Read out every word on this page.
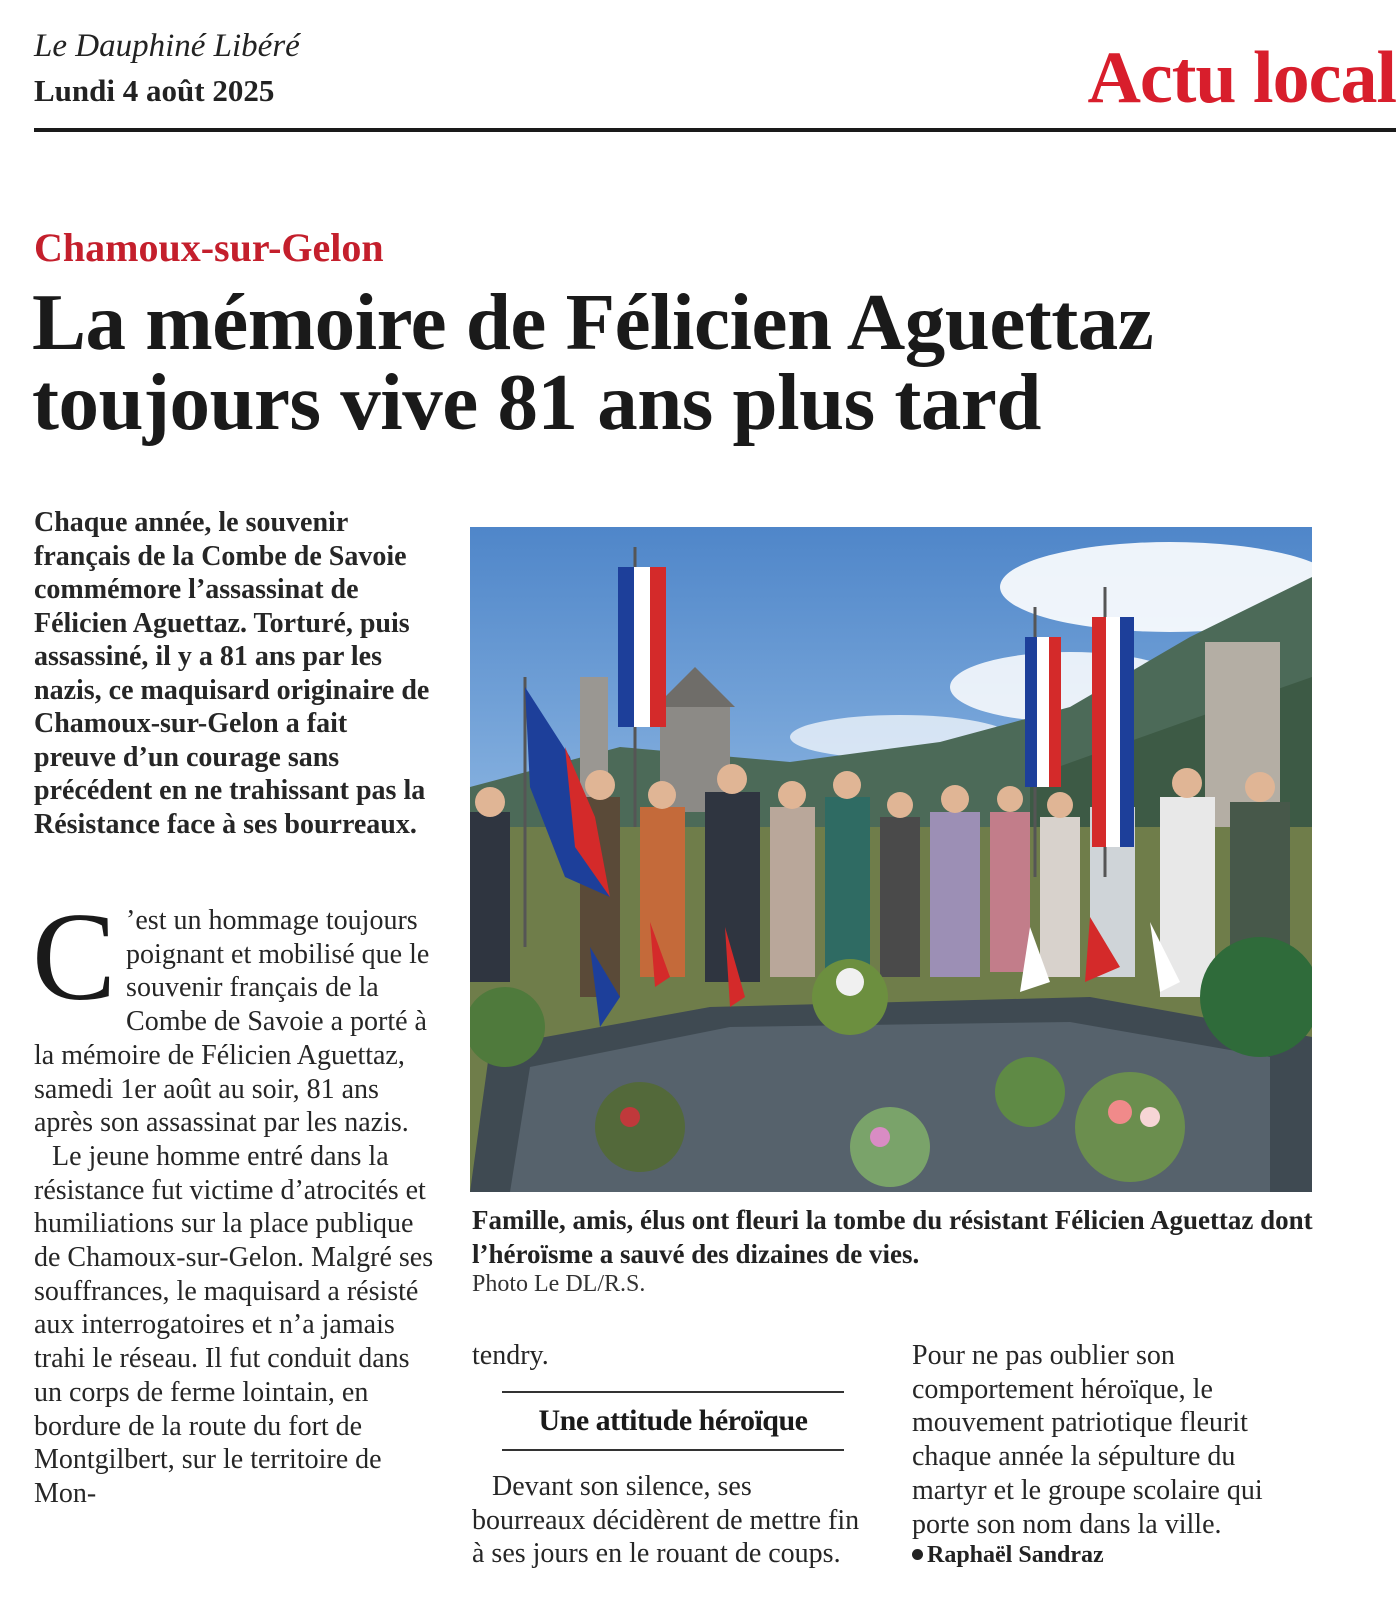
Le Dauphiné Libéré
Lundi 4 août 2025	Actu local
Chamoux-sur-Gelon
La mémoire de Félicien Aguettaz
toujours vive 81 ans plus tard
Chaque année, le souvenir français de la Combe de Savoie commémore l’assassinat de Félicien Aguettaz. Torturé, puis assassiné, il y a 81 ans par les nazis, ce maquisard originaire de Chamoux-sur-Gelon a fait preuve d’un courage sans précédent en ne trahissant pas la Résistance face à ses bourreaux.

C ’est un hommage toujours poignant et mobilisé que le souvenir français de la Combe de Savoie a porté à la mémoire de Félicien Aguettaz, samedi 1er août au soir, 81 ans après son assassinat par les nazis.

Le jeune homme entré dans la résistance fut victime d’atrocités et humiliations sur la place publique de Chamoux-sur-Gelon. Malgré ses souffrances, le maquisard a résisté aux interrogatoires et n’a jamais trahi le réseau. Il fut conduit dans un corps de ferme lointain, en bordure de la route du fort de Montgilbert, sur le territoire de Mon-

Famille, amis, élus ont fleuri la tombe du résistant Félicien Aguettaz dont l’héroïsme a sauvé des dizaines de vies.
Photo Le DL/R.S.
tendry.
Une attitude héroïque
Devant son silence, ses bourreaux décidèrent de mettre fin à ses jours en le rouant de coups.
Pour ne pas oublier son comportement héroïque, le mouvement patriotique fleurit chaque année la sépulture du martyr et le groupe scolaire qui porte son nom dans la ville.
Raphaël Sandraz
